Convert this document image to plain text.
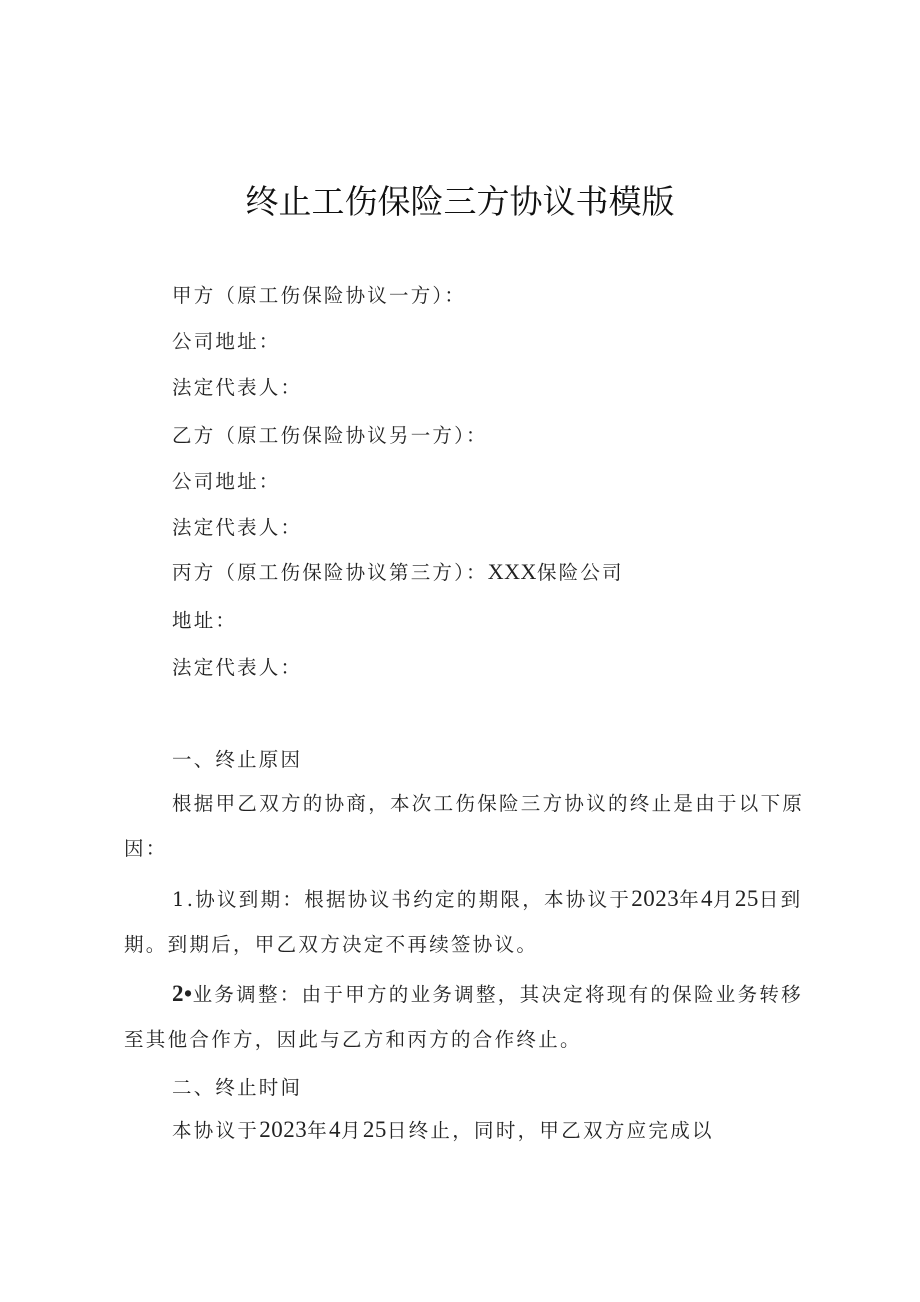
终止工伤保险三方协议书模版
甲方（原工伤保险协议一方）：
公司地址：
法定代表人：
乙方（原工伤保险协议另一方）：
公司地址：
法定代表人：
丙方（原工伤保险协议第三方）：XXX保险公司
地址：
法定代表人：
一、终止原因
根据甲乙双方的协商，本次工伤保险三方协议的终止是由于以下原因：
1.协议到期：根据协议书约定的期限，本协议于2023年4月25日到期。到期后，甲乙双方决定不再续签协议。
2•业务调整：由于甲方的业务调整，其决定将现有的保险业务转移至其他合作方，因此与乙方和丙方的合作终止。
二、终止时间
本协议于2023年4月25日终止，同时，甲乙双方应完成以
